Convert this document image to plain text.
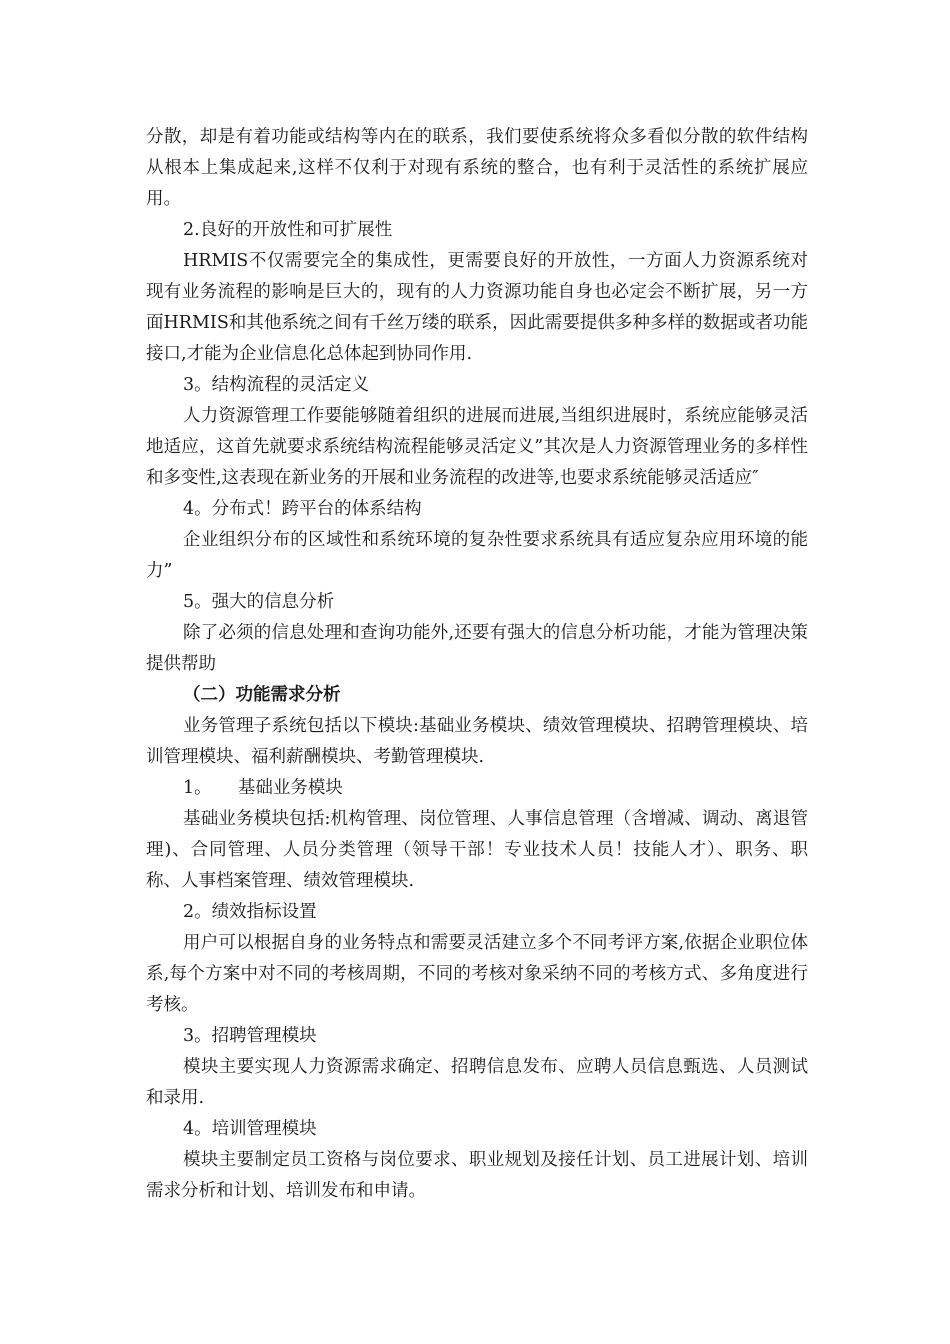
分散，却是有着功能或结构等内在的联系，我们要使系统将众多看似分散的软件结构从根本上集成起来,这样不仅利于对现有系统的整合，也有利于灵活性的系统扩展应用。

2.良好的开放性和可扩展性

HRMIS不仅需要完全的集成性，更需要良好的开放性，一方面人力资源系统对现有业务流程的影响是巨大的，现有的人力资源功能自身也必定会不断扩展，另一方面HRMIS和其他系统之间有千丝万缕的联系，因此需要提供多种多样的数据或者功能接口,才能为企业信息化总体起到协同作用.

3。结构流程的灵活定义

人力资源管理工作要能够随着组织的进展而进展,当组织进展时，系统应能够灵活地适应，这首先就要求系统结构流程能够灵活定义”其次是人力资源管理业务的多样性和多变性,这表现在新业务的开展和业务流程的改进等,也要求系统能够灵活适应″

4。分布式！跨平台的体系结构

企业组织分布的区域性和系统环境的复杂性要求系统具有适应复杂应用环境的能力”

5。强大的信息分析

除了必须的信息处理和查询功能外,还要有强大的信息分析功能，才能为管理决策提供帮助

（二）功能需求分析

业务管理子系统包括以下模块:基础业务模块、绩效管理模块、招聘管理模块、培训管理模块、福利薪酬模块、考勤管理模块.

1。　　基础业务模块

基础业务模块包括:机构管理、岗位管理、人事信息管理（含增减、调动、离退管理)、合同管理、人员分类管理（领导干部！专业技术人员！技能人才）、职务、职称、人事档案管理、绩效管理模块.

2。绩效指标设置

用户可以根据自身的业务特点和需要灵活建立多个不同考评方案,依据企业职位体系,每个方案中对不同的考核周期，不同的考核对象采纳不同的考核方式、多角度进行考核。

3。招聘管理模块

模块主要实现人力资源需求确定、招聘信息发布、应聘人员信息甄选、人员测试和录用.

4。培训管理模块

模块主要制定员工资格与岗位要求、职业规划及接任计划、员工进展计划、培训需求分析和计划、培训发布和申请。
